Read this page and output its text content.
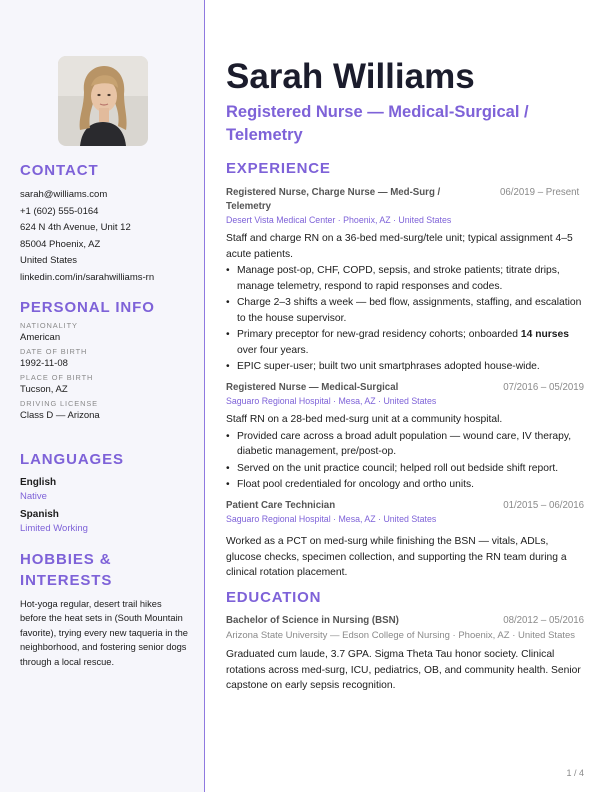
CONTACT
sarah@williams.com
+1 (602) 555-0164
624 N 4th Avenue, Unit 12
85004 Phoenix, AZ
United States
linkedin.com/in/sarahwilliams-rn
PERSONAL INFO
NATIONALITY
American
DATE OF BIRTH
1992-11-08
PLACE OF BIRTH
Tucson, AZ
DRIVING LICENSE
Class D — Arizona
LANGUAGES
English
Native
Spanish
Limited Working
HOBBIES &
INTERESTS
Hot-yoga regular, desert trail hikes before the heat sets in (South Mountain favorite), trying every new taqueria in the neighborhood, and fostering senior dogs through a local rescue.
Sarah Williams
Registered Nurse — Medical-Surgical / Telemetry
EXPERIENCE
Registered Nurse, Charge Nurse — Med-Surg / Telemetry
06/2019 – Present
Desert Vista Medical Center · Phoenix, AZ · United States
Staff and charge RN on a 36-bed med-surg/tele unit; typical assignment 4–5 acute patients.
• Manage post-op, CHF, COPD, sepsis, and stroke patients; titrate drips, manage telemetry, respond to rapid responses and codes.
• Charge 2–3 shifts a week — bed flow, assignments, staffing, and escalation to the house supervisor.
• Primary preceptor for new-grad residency cohorts; onboarded 14 nurses over four years.
• EPIC super-user; built two unit smartphrases adopted house-wide.
Registered Nurse — Medical-Surgical	07/2016 – 05/2019
Saguaro Regional Hospital · Mesa, AZ · United States
Staff RN on a 28-bed med-surg unit at a community hospital.
• Provided care across a broad adult population — wound care, IV therapy, diabetic management, pre/post-op.
• Served on the unit practice council; helped roll out bedside shift report.
• Float pool credentialed for oncology and ortho units.
Patient Care Technician	01/2015 – 06/2016
Saguaro Regional Hospital · Mesa, AZ · United States
Worked as a PCT on med-surg while finishing the BSN — vitals, ADLs, glucose checks, specimen collection, and supporting the RN team during a clinical rotation placement.
EDUCATION
Bachelor of Science in Nursing (BSN)	08/2012 – 05/2016
Arizona State University — Edson College of Nursing · Phoenix, AZ · United States
Graduated cum laude, 3.7 GPA. Sigma Theta Tau honor society. Clinical rotations across med-surg, ICU, pediatrics, OB, and community health. Senior capstone on early sepsis recognition.
1 / 4
